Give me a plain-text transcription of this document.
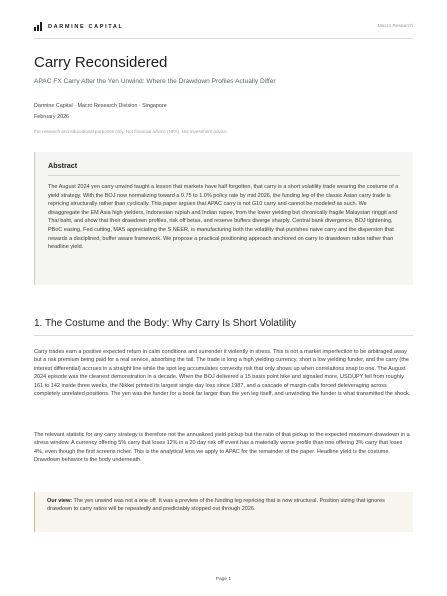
DARMINE CAPITAL	Macro Research
Carry Reconsidered
APAC FX Carry After the Yen Unwind: Where the Drawdown Profiles Actually Differ
Darmine Capital · Macro Research Division · Singapore
February 2026
For research and educational purposes only. Not financial advice (NFA). Not investment advice.
Abstract

The August 2024 yen carry unwind taught a lesson that markets have half forgotten, that carry is a short volatility trade wearing the costume of a yield strategy. With the BOJ now normalizing toward a 0.75 to 1.0% policy rate by mid 2026, the funding leg of the classic Asian carry trade is repricing structurally rather than cyclically. This paper argues that APAC carry is not G10 carry and cannot be modeled as such. We disaggregate the EM Asia high yielders, Indonesian rupiah and Indian rupee, from the lower yielding but chronically fragile Malaysian ringgit and Thai baht, and show that their drawdown profiles, risk off betas, and reserve buffers diverge sharply. Central bank divergence, BOJ tightening, PBoC easing, Fed cutting, MAS appreciating the S NEER, is manufacturing both the volatility that punishes naive carry and the dispersion that rewards a disciplined, buffer aware framework. We propose a practical positioning approach anchored on carry to drawdown ratios rather than headline yield.

1. The Costume and the Body: Why Carry Is Short Volatility

Carry trades earn a positive expected return in calm conditions and surrender it violently in stress. This is not a market imperfection to be arbitraged away but a risk premium being paid for a real service, absorbing the tail. The trade is long a high yielding currency, short a low yielding funder, and the carry (the interest differential) accrues in a straight line while the spot leg accumulates convexity risk that only shows up when correlations snap to one. The August 2024 episode was the cleanest demonstration in a decade. When the BOJ delivered a 15 basis point hike and signaled more, USD/JPY fell from roughly 161 to 142 inside three weeks, the Nikkei printed its largest single day loss since 1987, and a cascade of margin calls forced deleveraging across completely unrelated positions. The yen was the funder for a book far larger than the yen leg itself, and unwinding the funder is what transmitted the shock.

The relevant statistic for any carry strategy is therefore not the annualized yield pickup but the ratio of that pickup to the expected maximum drawdown in a stress window. A currency offering 5% carry that loses 12% in a 20 day risk off event has a materially worse profile than one offering 3% carry that loses 4%, even though the first screens richer. This is the analytical lens we apply to APAC for the remainder of the paper. Headline yield is the costume. Drawdown behavior is the body underneath.

Our view: The yen unwind was not a one off. It was a preview of the funding leg repricing that is now structural. Position sizing that ignores drawdown to carry ratios will be repeatedly and predictably stopped out through 2026.

Page 1
